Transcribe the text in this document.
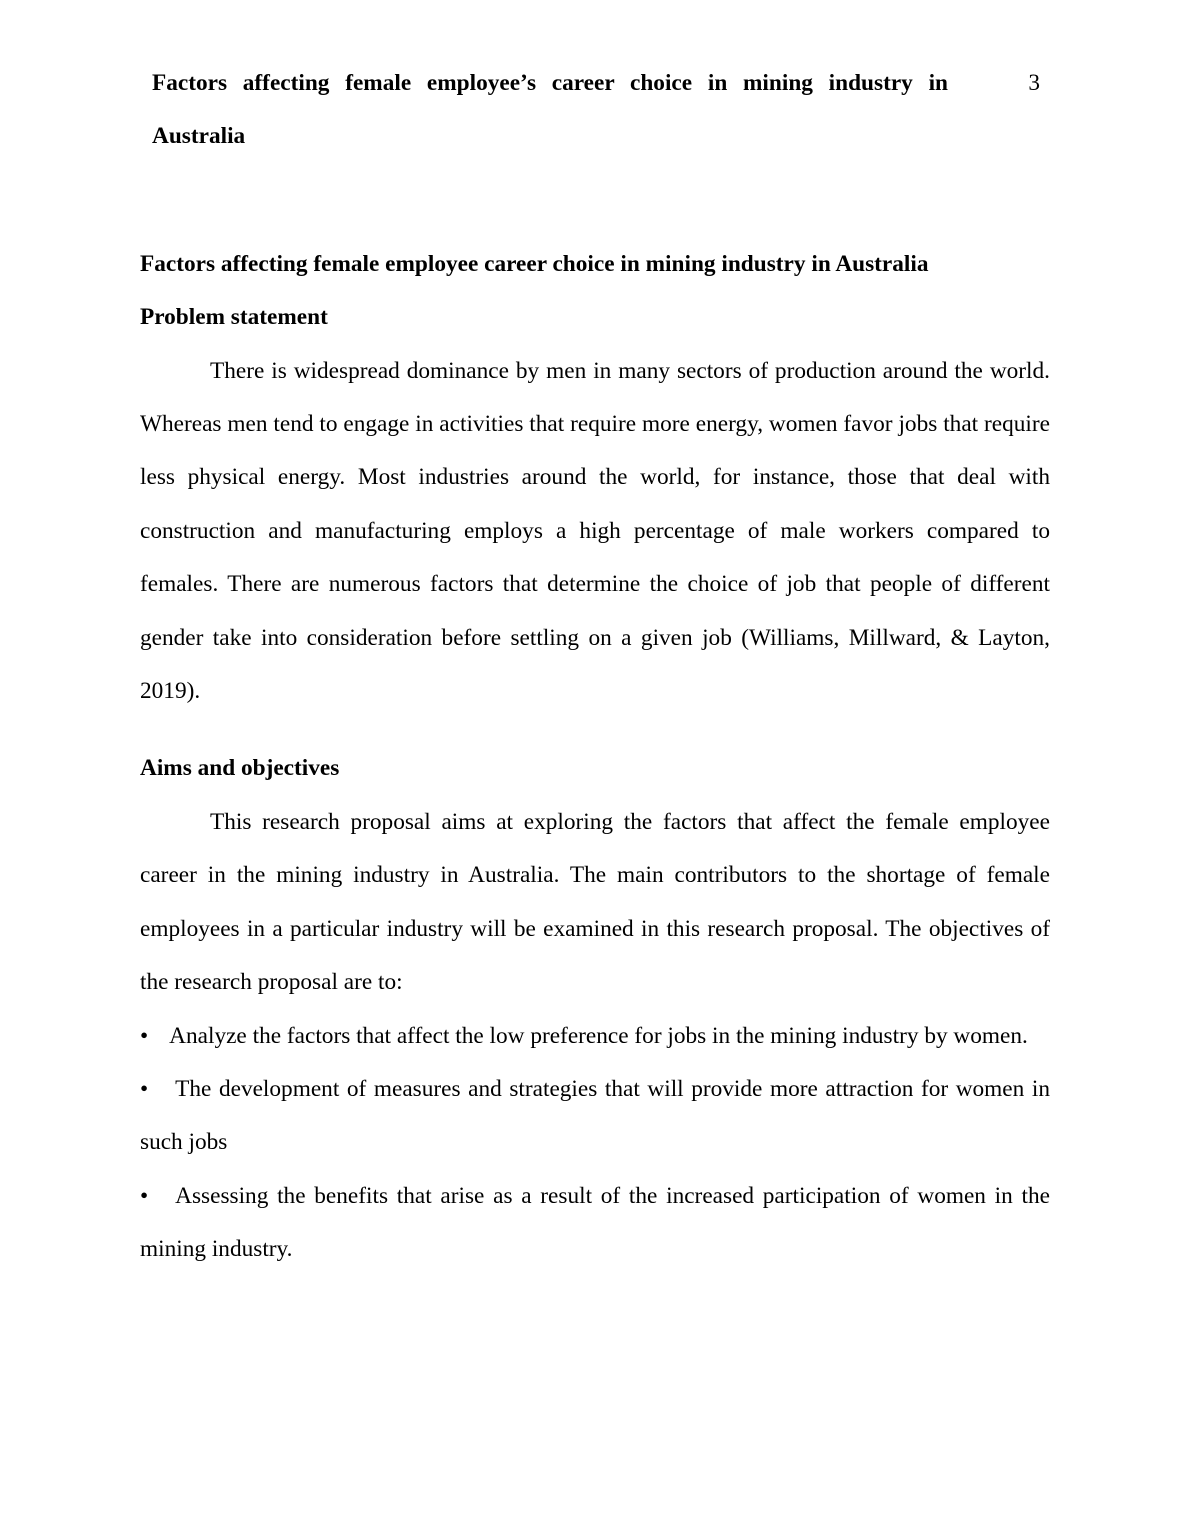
Factors affecting female employee’s career choice in mining industry in
Australia
3
Factors affecting female employee career choice in mining industry in Australia
Problem statement

There is widespread dominance by men in many sectors of production around the world. Whereas men tend to engage in activities that require more energy, women favor jobs that require less physical energy. Most industries around the world, for instance, those that deal with construction and manufacturing employs a high percentage of male workers compared to females. There are numerous factors that determine the choice of job that people of different gender take into consideration before settling on a given job (Williams, Millward, & Layton, 2019).

Aims and objectives

This research proposal aims at exploring the factors that affect the female employee career in the mining industry in Australia. The main contributors to the shortage of female employees in a particular industry will be examined in this research proposal. The objectives of the research proposal are to:

• Analyze the factors that affect the low preference for jobs in the mining industry by women.

• The development of measures and strategies that will provide more attraction for women in such jobs

• Assessing the benefits that arise as a result of the increased participation of women in the mining industry.
